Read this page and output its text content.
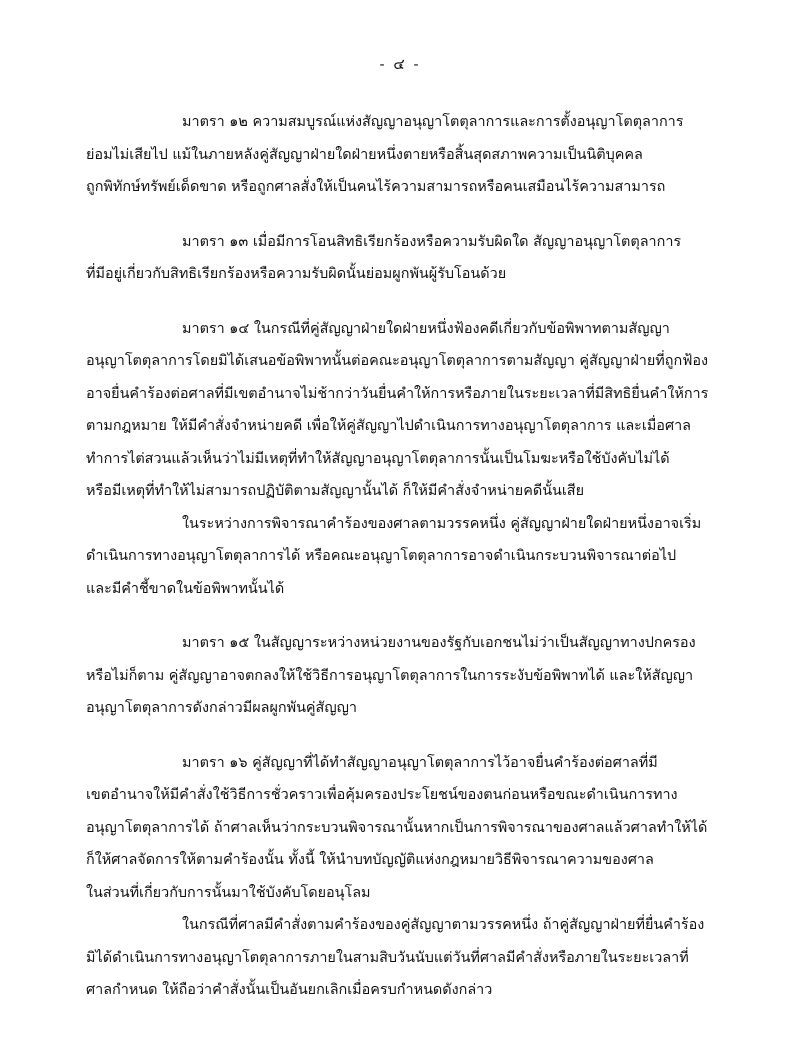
- ๔ -

มาตรา ๑๒ ความสมบูรณ์แห่งสัญญาอนุญาโตตุลาการและการตั้งอนุญาโตตุลาการ
ย่อมไม่เสียไป แม้ในภายหลังคู่สัญญาฝ่ายใดฝ่ายหนึ่งตายหรือสิ้นสุดสภาพความเป็นนิติบุคคล
ถูกพิทักษ์ทรัพย์เด็ดขาด หรือถูกศาลสั่งให้เป็นคนไร้ความสามารถหรือคนเสมือนไร้ความสามารถ

มาตรา ๑๓ เมื่อมีการโอนสิทธิเรียกร้องหรือความรับผิดใด สัญญาอนุญาโตตุลาการ
ที่มีอยู่เกี่ยวกับสิทธิเรียกร้องหรือความรับผิดนั้นย่อมผูกพันผู้รับโอนด้วย

มาตรา ๑๔ ในกรณีที่คู่สัญญาฝ่ายใดฝ่ายหนึ่งฟ้องคดีเกี่ยวกับข้อพิพาทตามสัญญา
อนุญาโตตุลาการโดยมิได้เสนอข้อพิพาทนั้นต่อคณะอนุญาโตตุลาการตามสัญญา คู่สัญญาฝ่ายที่ถูกฟ้อง
อาจยื่นคำร้องต่อศาลที่มีเขตอำนาจไม่ช้ากว่าวันยื่นคำให้การหรือภายในระยะเวลาที่มีสิทธิยื่นคำให้การ
ตามกฎหมาย ให้มีคำสั่งจำหน่ายคดี เพื่อให้คู่สัญญาไปดำเนินการทางอนุญาโตตุลาการ และเมื่อศาล
ทำการไต่สวนแล้วเห็นว่าไม่มีเหตุที่ทำให้สัญญาอนุญาโตตุลาการนั้นเป็นโมฆะหรือใช้บังคับไม่ได้
หรือมีเหตุที่ทำให้ไม่สามารถปฏิบัติตามสัญญานั้นได้ ก็ให้มีคำสั่งจำหน่ายคดีนั้นเสีย

ในระหว่างการพิจารณาคำร้องของศาลตามวรรคหนึ่ง คู่สัญญาฝ่ายใดฝ่ายหนึ่งอาจเริ่ม
ดำเนินการทางอนุญาโตตุลาการได้ หรือคณะอนุญาโตตุลาการอาจดำเนินกระบวนพิจารณาต่อไป
และมีคำชี้ขาดในข้อพิพาทนั้นได้

มาตรา ๑๕ ในสัญญาระหว่างหน่วยงานของรัฐกับเอกชนไม่ว่าเป็นสัญญาทางปกครอง
หรือไม่ก็ตาม คู่สัญญาอาจตกลงให้ใช้วิธีการอนุญาโตตุลาการในการระงับข้อพิพาทได้ และให้สัญญา
อนุญาโตตุลาการดังกล่าวมีผลผูกพันคู่สัญญา

มาตรา ๑๖ คู่สัญญาที่ได้ทำสัญญาอนุญาโตตุลาการไว้อาจยื่นคำร้องต่อศาลที่มี
เขตอำนาจให้มีคำสั่งใช้วิธีการชั่วคราวเพื่อคุ้มครองประโยชน์ของตนก่อนหรือขณะดำเนินการทาง
อนุญาโตตุลาการได้ ถ้าศาลเห็นว่ากระบวนพิจารณานั้นหากเป็นการพิจารณาของศาลแล้วศาลทำให้ได้
ก็ให้ศาลจัดการให้ตามคำร้องนั้น ทั้งนี้ ให้นำบทบัญญัติแห่งกฎหมายวิธีพิจารณาความของศาล
ในส่วนที่เกี่ยวกับการนั้นมาใช้บังคับโดยอนุโลม

ในกรณีที่ศาลมีคำสั่งตามคำร้องของคู่สัญญาตามวรรคหนึ่ง ถ้าคู่สัญญาฝ่ายที่ยื่นคำร้อง
มิได้ดำเนินการทางอนุญาโตตุลาการภายในสามสิบวันนับแต่วันที่ศาลมีคำสั่งหรือภายในระยะเวลาที่
ศาลกำหนด ให้ถือว่าคำสั่งนั้นเป็นอันยกเลิกเมื่อครบกำหนดดังกล่าว
